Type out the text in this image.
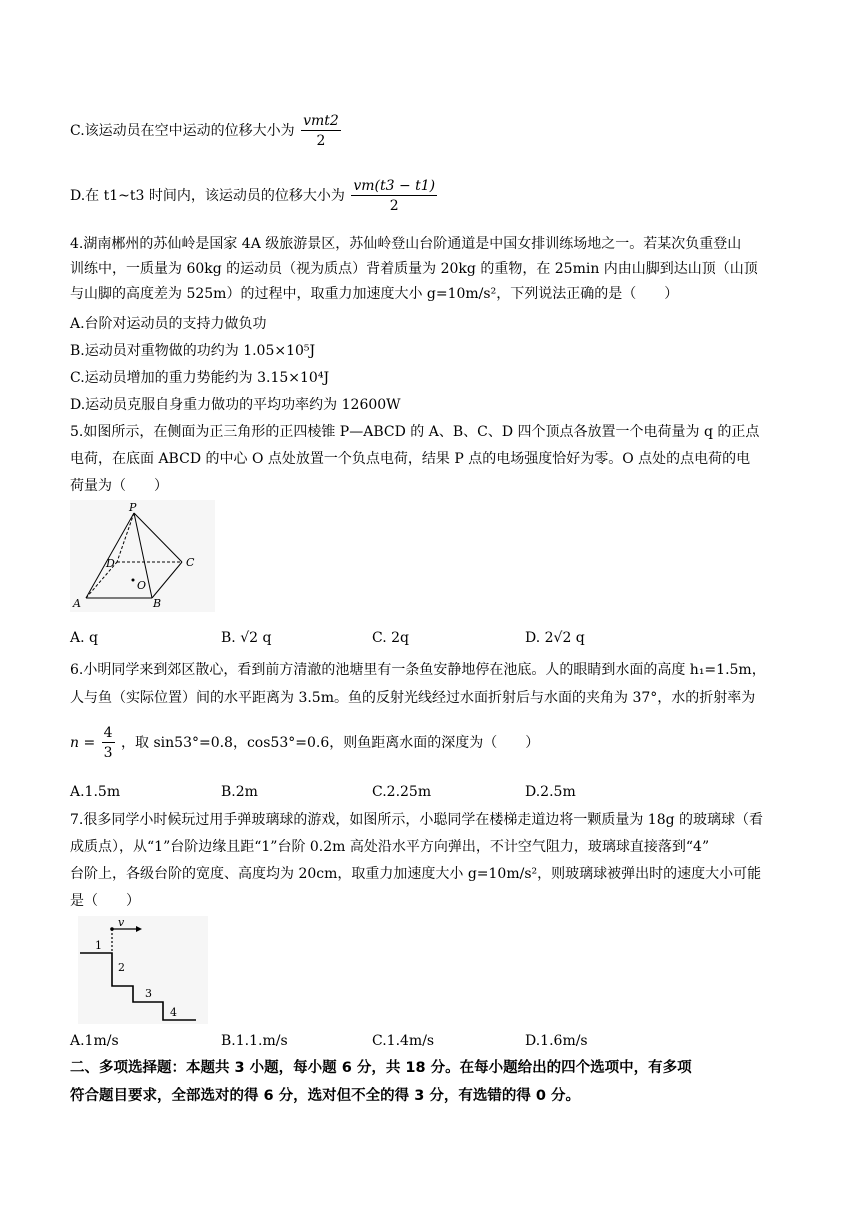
C.该运动员在空中运动的位移大小为 $\frac{\text{vmt2}}{2}$
D.在 t1~t3 时间内，该运动员的位移大小为 $\frac{vm(t3 - t1)}{2}$
4.湖南郴州的苏仙岭是国家 4A 级旅游景区，苏仙岭登山台阶通道是中国女排训练场地之一。若某次负重登山
训练中，一质量为 60kg 的运动员（视为质点）背着质量为 20kg 的重物，在 25min 内由山脚到达山顶（山顶
与山脚的高度差为 525m）的过程中，取重力加速度大小 g=10m/s²，下列说法正确的是（　　）
A.台阶对运动员的支持力做负功
B.运动员对重物做的功约为 1.05×10⁵J
C.运动员增加的重力势能约为 3.15×10⁴J
D.运动员克服自身重力做功的平均功率约为 12600W
5.如图所示，在侧面为正三角形的正四棱锥 P—ABCD 的 A、B、C、D 四个顶点各放置一个电荷量为 q 的正点
电荷，在底面 ABCD 的中心 O 点处放置一个负点电荷，结果 P 点的电场强度恰好为零。O 点处的点电荷的电
荷量为（　　）
P
A	B
C
D
O
A. q	B. √2 q	C. 2q	D. 2√2 q
6.小明同学来到郊区散心，看到前方清澈的池塘里有一条鱼安静地停在池底。人的眼睛到水面的高度 h₁=1.5m，
人与鱼（实际位置）间的水平距离为 3.5m。鱼的反射光线经过水面折射后与水面的夹角为 37°，水的折射率为
$n = \frac{4}{3}$ ，取 sin53°=0.8，cos53°=0.6，则鱼距离水面的深度为（　　）
A.1.5m	B.2m	C.2.25m	D.2.5m
7.很多同学小时候玩过用手弹玻璃球的游戏，如图所示，小聪同学在楼梯走道边将一颗质量为 18g 的玻璃球（看
成质点），从“1”台阶边缘且距“1”台阶 0.2m 高处沿水平方向弹出，不计空气阻力，玻璃球直接落到“4”
台阶上，各级台阶的宽度、高度均为 20cm，取重力加速度大小 g=10m/s²，则玻璃球被弹出时的速度大小可能
是（　　）
v
1
2
3
4
A.1m/s	B.1.1.m/s	C.1.4m/s	D.1.6m/s
二、多项选择题：本题共 3 小题，每小题 6 分，共 18 分。在每小题给出的四个选项中，有多项
符合题目要求，全部选对的得 6 分，选对但不全的得 3 分，有选错的得 0 分。
